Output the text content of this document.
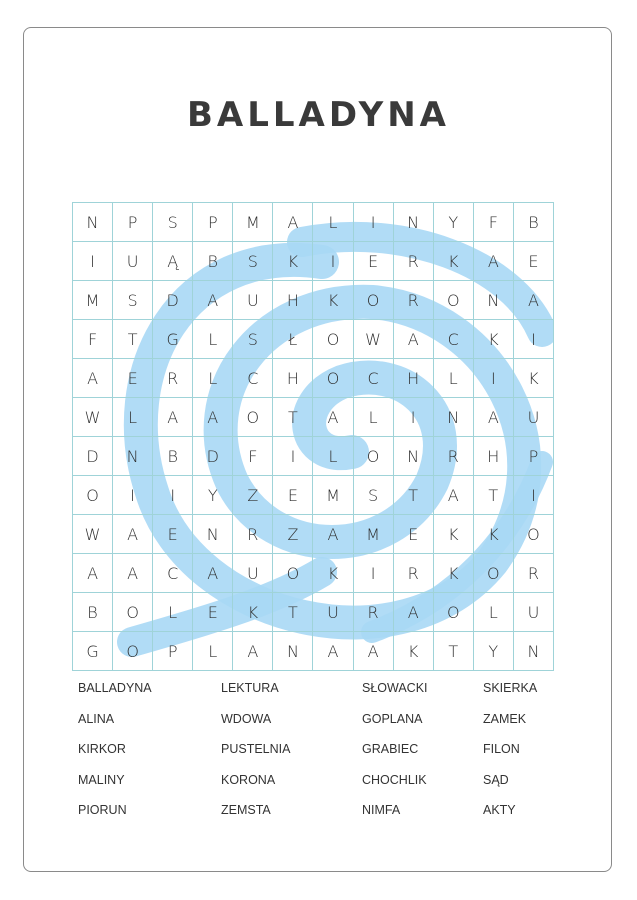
BALLADYNA
N	P	S	P	M	A	L	I	N	Y	F	B
I	U	Ą	B	S	K	I	E	R	K	A	E
M	S	D	A	U	H	K	O	R	O	N	A
F	T	G	L	S	Ł	O	W	A	C	K	I
A	E	R	L	C	H	O	C	H	L	I	K
W	L	A	A	O	T	A	L	I	N	A	U
D	N	B	D	F	I	L	O	N	R	H	P
O	I	I	Y	Z	E	M	S	T	A	T	I
W	A	E	N	R	Z	A	M	E	K	K	O
A	A	C	A	U	O	K	I	R	K	O	R
B	O	L	E	K	T	U	R	A	O	L	U
G	O	P	L	A	N	A	A	K	T	Y	N
BALLADYNA
ALINA
KIRKOR
MALINY
PIORUN
LEKTURA
WDOWA
PUSTELNIA
KORONA
ZEMSTA
SŁOWACKI
GOPLANA
GRABIEC
CHOCHLIK
NIMFA
SKIERKA
ZAMEK
FILON
SĄD
AKTY
